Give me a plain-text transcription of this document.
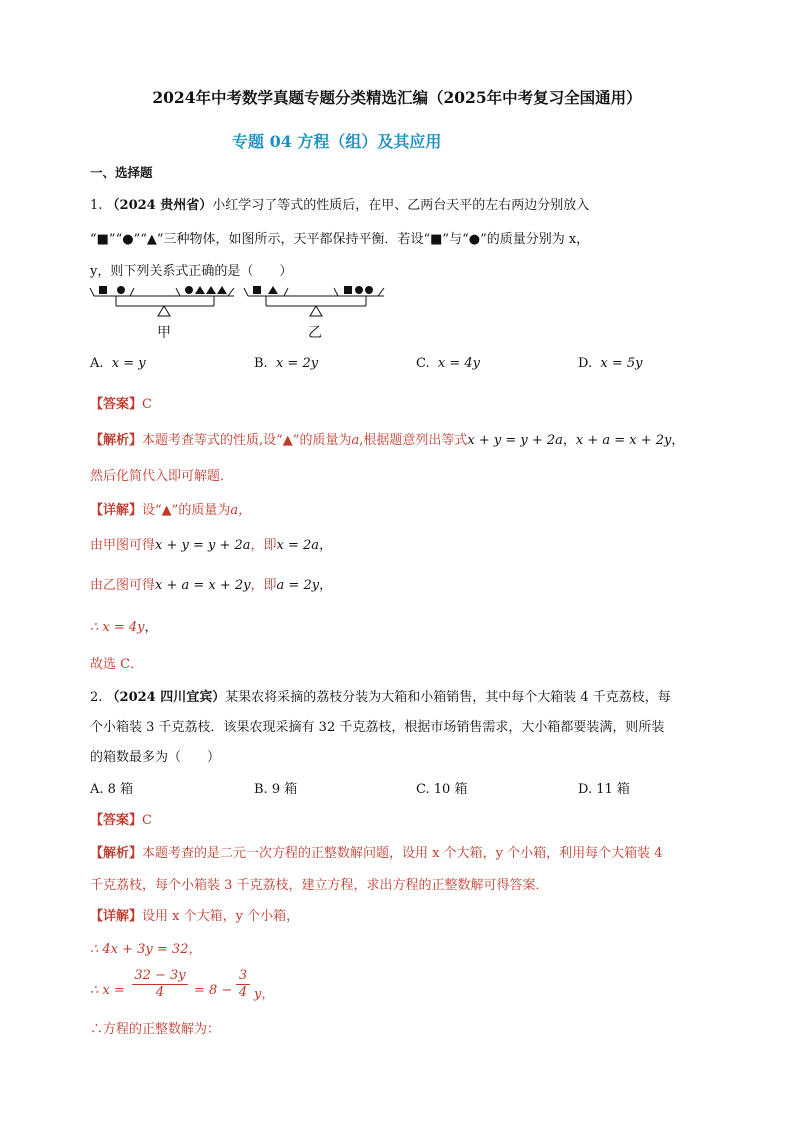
2024年中考数学真题专题分类精选汇编（2025年中考复习全国通用）
专题 04 方程（组）及其应用
一、选择题
1. （2024 贵州省）小红学习了等式的性质后，在甲、乙两台天平的左右两边分别放入
“■”“●”“▲”三种物体，如图所示，天平都保持平衡．若设“■”与“●”的质量分别为 x，
y，则下列关系式正确的是（　　）
甲	乙
A. x = y	B. x = 2y	C. x = 4y	D. x = 5y
【答案】C
【解析】本题考查等式的性质,设“▲”的质量为a,根据题意列出等式x + y = y + 2a，x + a = x + 2y，
然后化简代入即可解题．
【详解】设“▲”的质量为a，
由甲图可得x + y = y + 2a，即x = 2a，
由乙图可得x + a = x + 2y，即a = 2y，
∴ x = 4y，
故选 C．
2. （2024 四川宜宾）某果农将采摘的荔枝分装为大箱和小箱销售，其中每个大箱装 4 千克荔枝，每
个小箱装 3 千克荔枝．该果农现采摘有 32 千克荔枝，根据市场销售需求，大小箱都要装满，则所装
的箱数最多为（　　）
A. 8 箱	B. 9 箱	C. 10 箱	D. 11 箱
【答案】C
【解析】本题考查的是二元一次方程的正整数解问题，设用 x 个大箱，y 个小箱，利用每个大箱装 4
千克荔枝，每个小箱装 3 千克荔枝，建立方程，求出方程的正整数解可得答案．
【详解】设用 x 个大箱，y 个小箱，
∴ 4x + 3y = 32，
∴ x =
32 − 3y
4	= 8 −
3
4 y，
∴方程的正整数解为：
